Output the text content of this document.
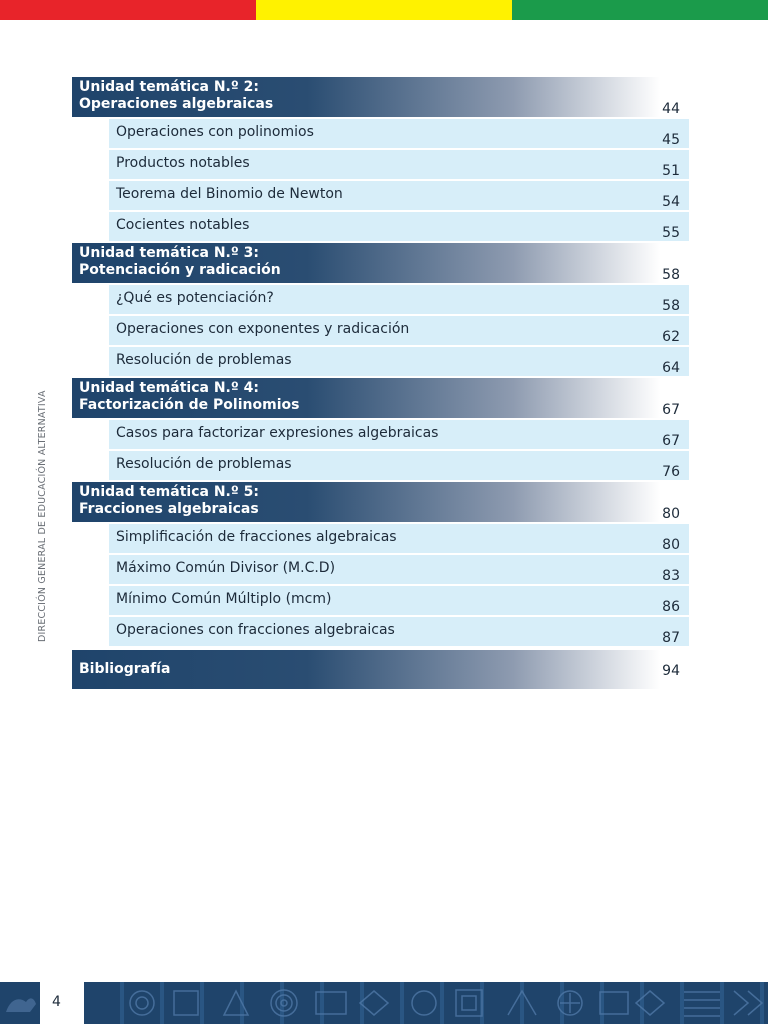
Unidad temática N.º 2:
Operaciones algebraicas	44
Operaciones con polinomios	45
Productos notables	51
Teorema del Binomio de Newton	54
Cocientes notables	55
Unidad temática N.º 3:
Potenciación y radicación	58
¿Qué es potenciación?	58
Operaciones con exponentes y radicación	62
Resolución de problemas	64
Unidad temática N.º 4:
Factorización de Polinomios	67
Casos para factorizar expresiones algebraicas	67
Resolución de problemas	76
Unidad temática N.º 5:
Fracciones algebraicas	80
Simplificación de fracciones algebraicas	80
Máximo Común Divisor (M.C.D)	83
Mínimo Común Múltiplo (mcm)	86
Operaciones con fracciones algebraicas	87
Bibliografía	94
DIRECCIÓN GENERAL DE EDUCACIÓN ALTERNATIVA
4
